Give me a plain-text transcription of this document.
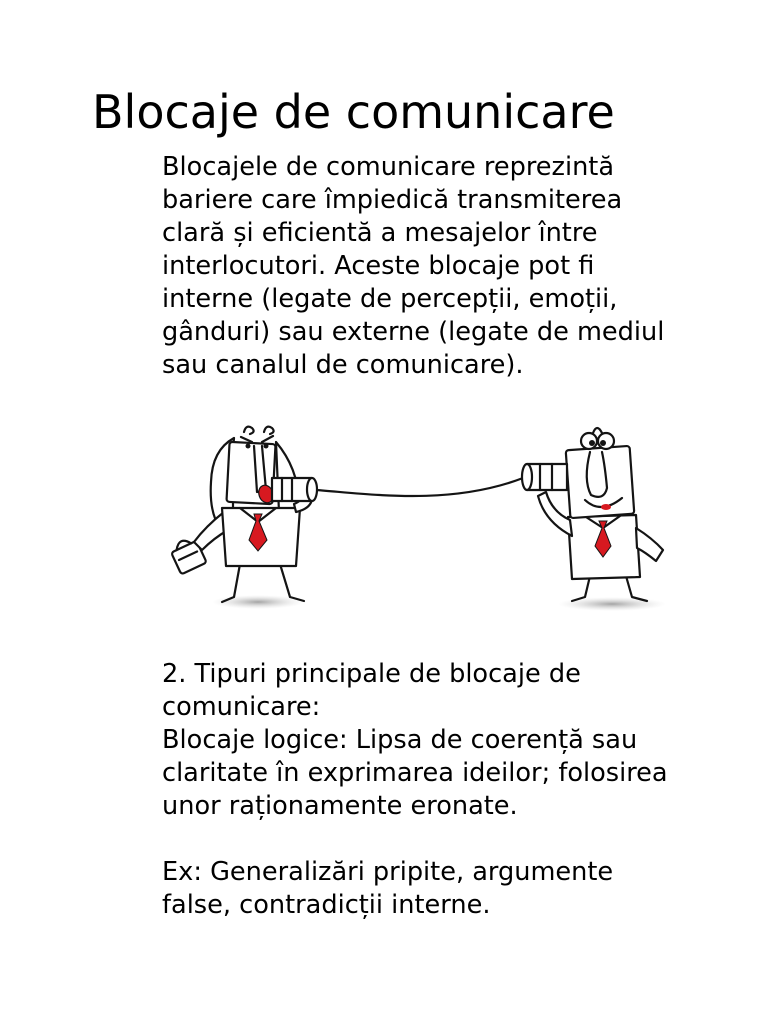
Blocaje de comunicare
Blocajele de comunicare reprezintă
bariere care împiedică transmiterea
clară și eficientă a mesajelor între
interlocutori. Aceste blocaje pot fi
interne (legate de percepții, emoții,
gânduri) sau externe (legate de mediul
sau canalul de comunicare).
2. Tipuri principale de blocaje de
comunicare:
Blocaje logice: Lipsa de coerență sau
claritate în exprimarea ideilor; folosirea
unor raționamente eronate.
Ex: Generalizări pripite, argumente
false, contradicții interne.
